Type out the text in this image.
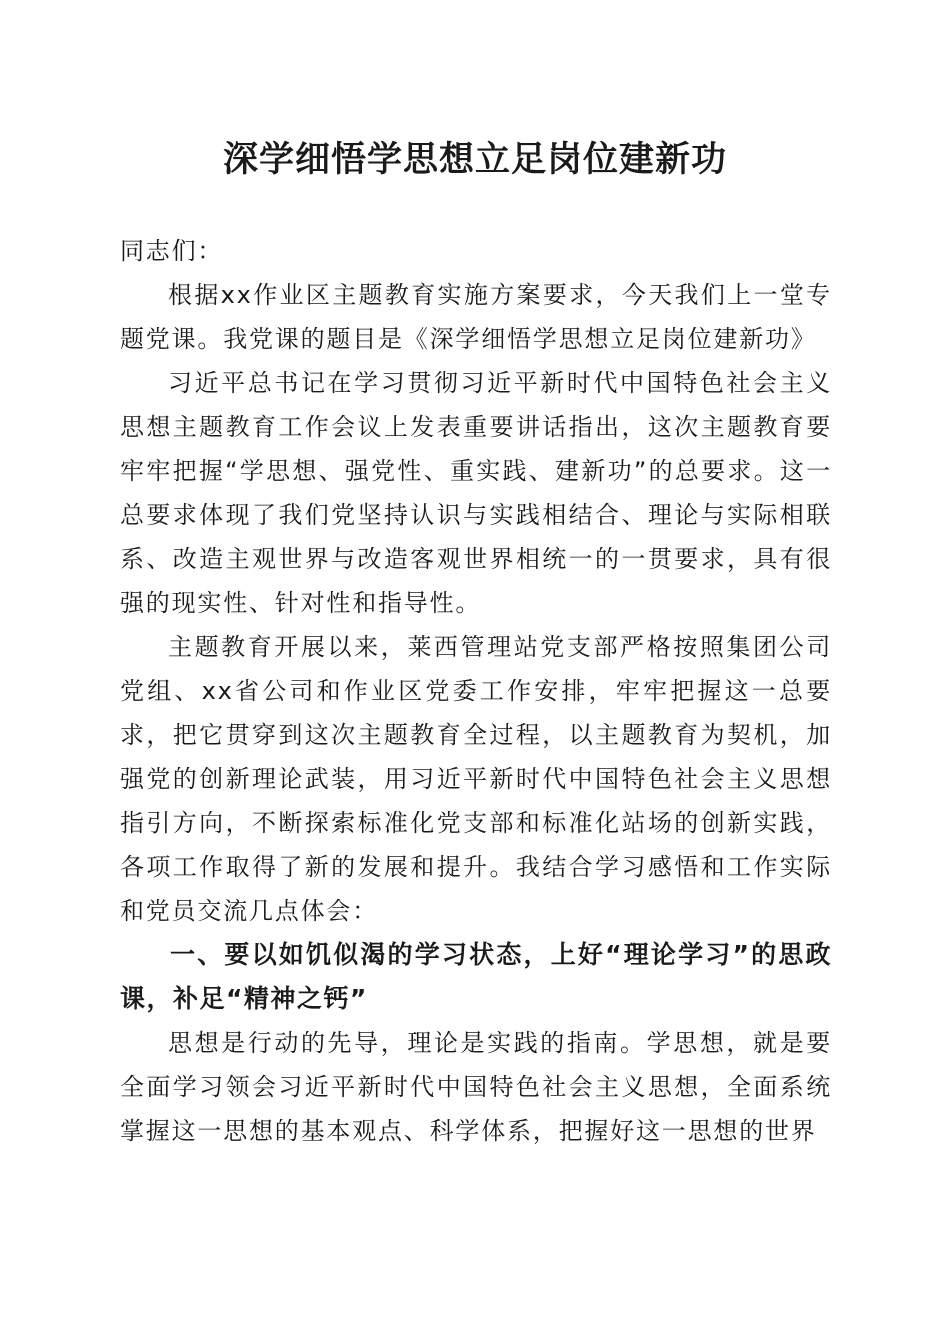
深学细悟学思想立足岗位建新功

同志们：

根据xx作业区主题教育实施方案要求，今天我们上一堂专题党课。我党课的题目是《深学细悟学思想立足岗位建新功》

习近平总书记在学习贯彻习近平新时代中国特色社会主义思想主题教育工作会议上发表重要讲话指出，这次主题教育要牢牢把握“学思想、强党性、重实践、建新功”的总要求。这一总要求体现了我们党坚持认识与实践相结合、理论与实际相联系、改造主观世界与改造客观世界相统一的一贯要求，具有很强的现实性、针对性和指导性。

主题教育开展以来，莱西管理站党支部严格按照集团公司党组、xx省公司和作业区党委工作安排，牢牢把握这一总要求，把它贯穿到这次主题教育全过程，以主题教育为契机，加强党的创新理论武装，用习近平新时代中国特色社会主义思想指引方向，不断探索标准化党支部和标准化站场的创新实践，各项工作取得了新的发展和提升。我结合学习感悟和工作实际和党员交流几点体会：

一、要以如饥似渴的学习状态，上好“理论学习”的思政课，补足“精神之钙”

思想是行动的先导，理论是实践的指南。学思想，就是要全面学习领会习近平新时代中国特色社会主义思想，全面系统掌握这一思想的基本观点、科学体系，把握好这一思想的世界
